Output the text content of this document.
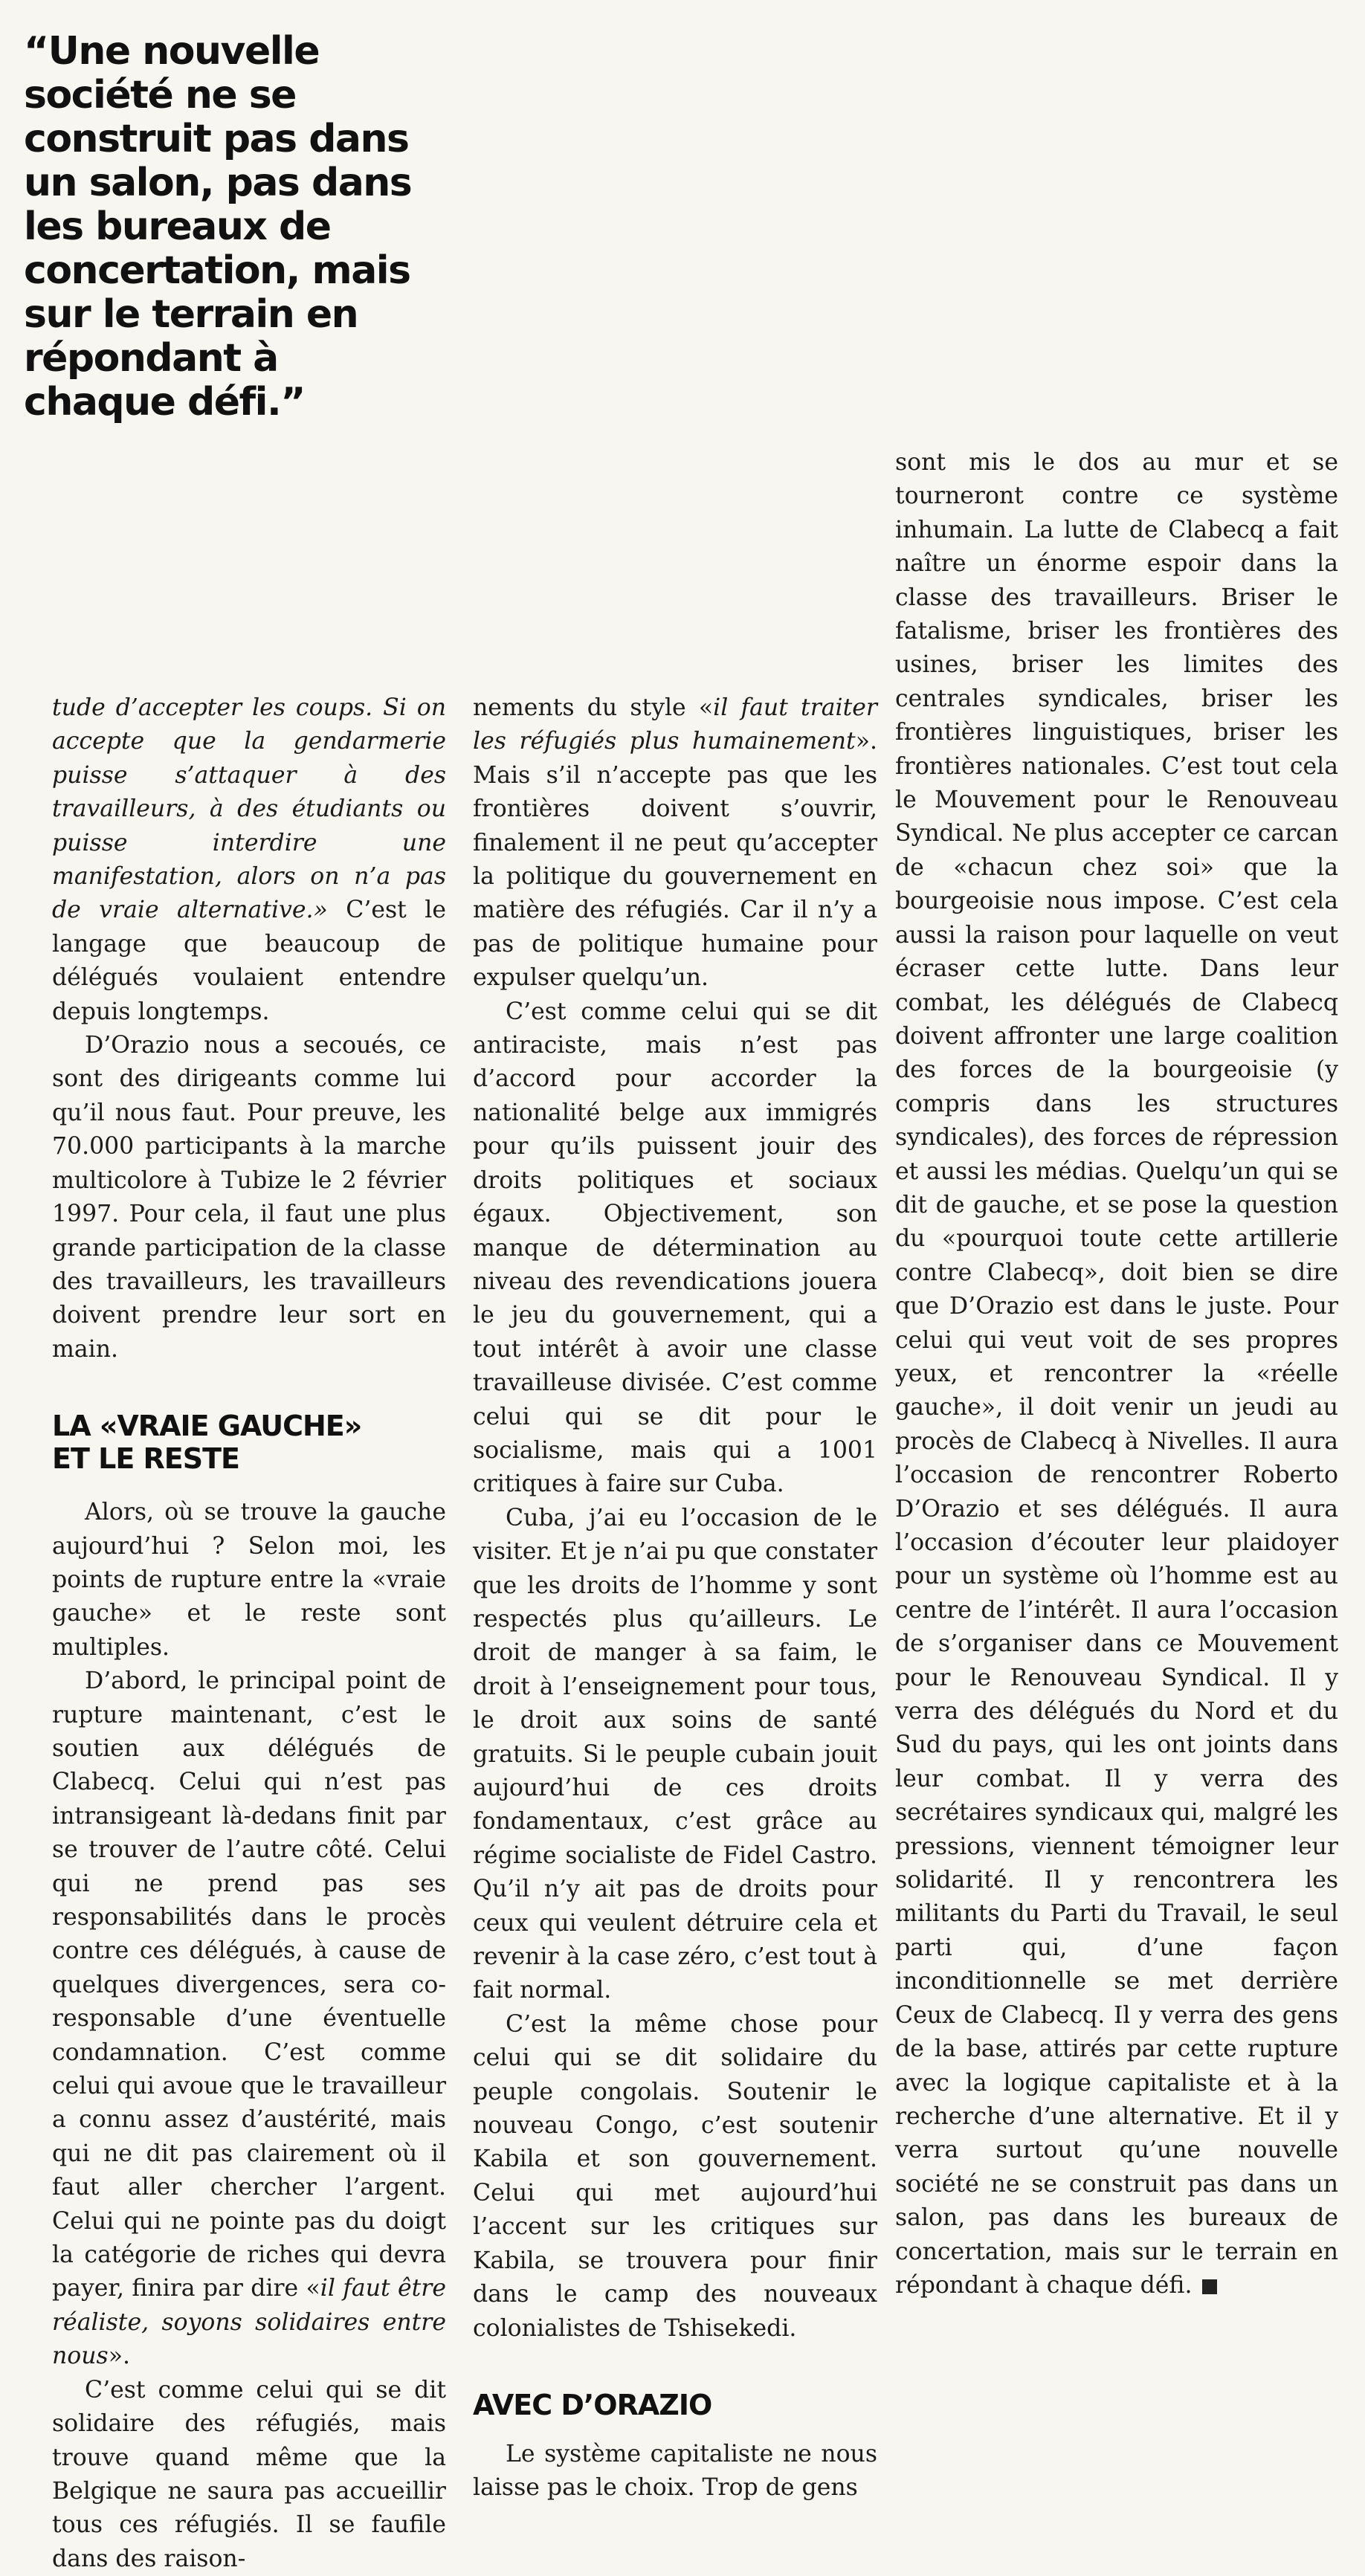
“Une nouvelle société ne se construit pas dans un salon, pas dans les bureaux de concertation, mais sur le terrain en répondant à chaque défi.”

tude d’accepter les coups. Si on accepte que la gendarmerie puisse s’attaquer à des travailleurs, à des étudiants ou puisse interdire une manifestation, alors on n’a pas de vraie alternative.» C’est le langage que beaucoup de délégués voulaient entendre depuis longtemps.

D’Orazio nous a secoués, ce sont des dirigeants comme lui qu’il nous faut. Pour preuve, les 70.000 participants à la marche multicolore à Tubize le 2 février 1997. Pour cela, il faut une plus grande participation de la classe des travailleurs, les travailleurs doivent prendre leur sort en main.

LA «VRAIE GAUCHE»
ET LE RESTE

Alors, où se trouve la gauche aujourd’hui ? Selon moi, les points de rupture entre la «vraie gauche» et le reste sont multiples.

D’abord, le principal point de rupture maintenant, c’est le soutien aux délégués de Clabecq. Celui qui n’est pas intransigeant là-dedans finit par se trouver de l’autre côté. Celui qui ne prend pas ses responsabilités dans le procès contre ces délégués, à cause de quelques divergences, sera co-responsable d’une éventuelle condamnation. C’est comme celui qui avoue que le travailleur a connu assez d’austérité, mais qui ne dit pas clairement où il faut aller chercher l’argent. Celui qui ne pointe pas du doigt la catégorie de riches qui devra payer, finira par dire «il faut être réaliste, soyons solidaires entre nous».

C’est comme celui qui se dit solidaire des réfugiés, mais trouve quand même que la Belgique ne saura pas accueillir tous ces réfugiés. Il se faufile dans des raison-

nements du style «il faut traiter les réfugiés plus humainement». Mais s’il n’accepte pas que les frontières doivent s’ouvrir, finalement il ne peut qu’accepter la politique du gouvernement en matière des réfugiés. Car il n’y a pas de politique humaine pour expulser quelqu’un.

C’est comme celui qui se dit antiraciste, mais n’est pas d’accord pour accorder la nationalité belge aux immigrés pour qu’ils puissent jouir des droits politiques et sociaux égaux. Objectivement, son manque de détermination au niveau des revendications jouera le jeu du gouvernement, qui a tout intérêt à avoir une classe travailleuse divisée. C’est comme celui qui se dit pour le socialisme, mais qui a 1001 critiques à faire sur Cuba.

Cuba, j’ai eu l’occasion de le visiter. Et je n’ai pu que constater que les droits de l’homme y sont respectés plus qu’ailleurs. Le droit de manger à sa faim, le droit à l’enseignement pour tous, le droit aux soins de santé gratuits. Si le peuple cubain jouit aujourd’hui de ces droits fondamentaux, c’est grâce au régime socialiste de Fidel Castro. Qu’il n’y ait pas de droits pour ceux qui veulent détruire cela et revenir à la case zéro, c’est tout à fait normal.

C’est la même chose pour celui qui se dit solidaire du peuple congolais. Soutenir le nouveau Congo, c’est soutenir Kabila et son gouvernement. Celui qui met aujourd’hui l’accent sur les critiques sur Kabila, se trouvera pour finir dans le camp des nouveaux colonialistes de Tshisekedi.

AVEC D’ORAZIO

Le système capitaliste ne nous laisse pas le choix. Trop de gens

sont mis le dos au mur et se tourneront contre ce système inhumain. La lutte de Clabecq a fait naître un énorme espoir dans la classe des travailleurs. Briser le fatalisme, briser les frontières des usines, briser les limites des centrales syndicales, briser les frontières linguistiques, briser les frontières nationales. C’est tout cela le Mouvement pour le Renouveau Syndical. Ne plus accepter ce carcan de «chacun chez soi» que la bourgeoisie nous impose. C’est cela aussi la raison pour laquelle on veut écraser cette lutte. Dans leur combat, les délégués de Clabecq doivent affronter une large coalition des forces de la bourgeoisie (y compris dans les structures syndicales), des forces de répression et aussi les médias. Quelqu’un qui se dit de gauche, et se pose la question du «pourquoi toute cette artillerie contre Clabecq», doit bien se dire que D’Orazio est dans le juste. Pour celui qui veut voit de ses propres yeux, et rencontrer la «réelle gauche», il doit venir un jeudi au procès de Clabecq à Nivelles. Il aura l’occasion de rencontrer Roberto D’Orazio et ses délégués. Il aura l’occasion d’écouter leur plaidoyer pour un système où l’homme est au centre de l’intérêt. Il aura l’occasion de s’organiser dans ce Mouvement pour le Renouveau Syndical. Il y verra des délégués du Nord et du Sud du pays, qui les ont joints dans leur combat. Il y verra des secrétaires syndicaux qui, malgré les pressions, viennent témoigner leur solidarité. Il y rencontrera les militants du Parti du Travail, le seul parti qui, d’une façon inconditionnelle se met derrière Ceux de Clabecq. Il y verra des gens de la base, attirés par cette rupture avec la logique capitaliste et à la recherche d’une alternative. Et il y verra surtout qu’une nouvelle société ne se construit pas dans un salon, pas dans les bureaux de concertation, mais sur le terrain en répondant à chaque défi.
